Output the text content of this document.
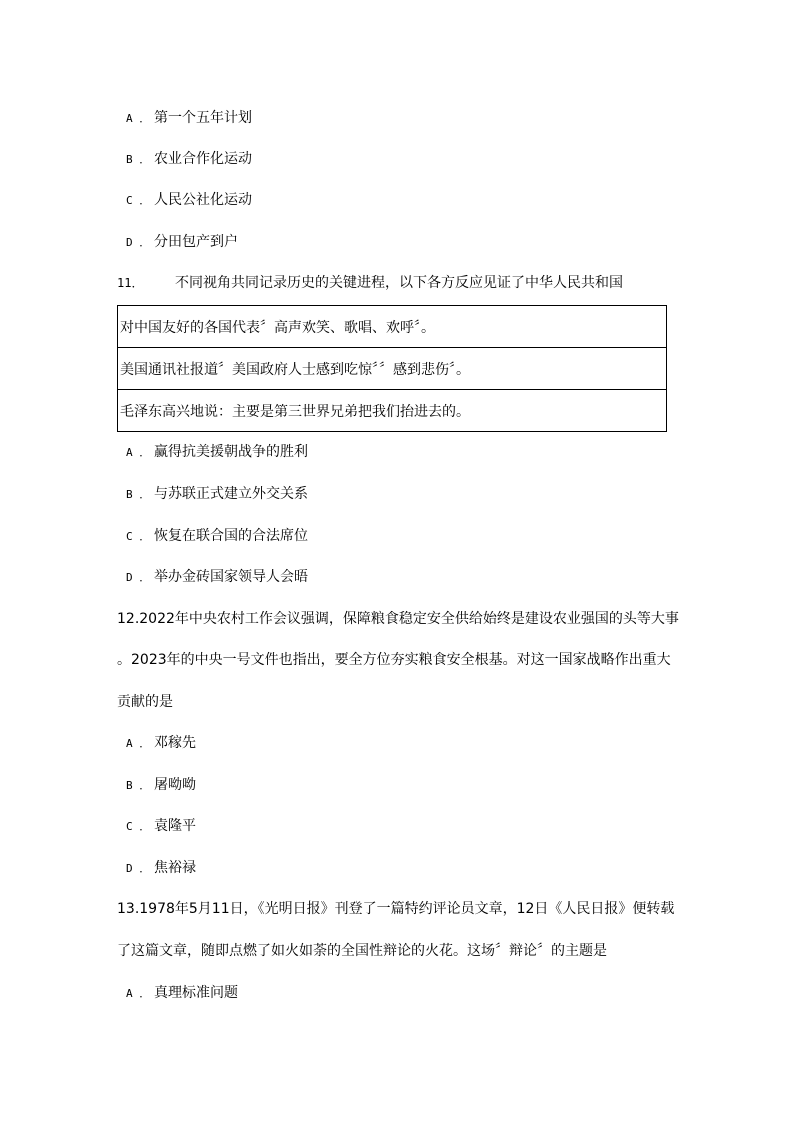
A ． 第一个五年计划
B ． 农业合作化运动
C ． 人民公社化运动
D ． 分田包产到户
11． 不同视角共同记录历史的关键进程，以下各方反应见证了中华人民共和国
对中国友好的各国代表〞高声欢笑、歌唱、欢呼〞。
美国通讯社报道〞美国政府人士感到吃惊〞〞感到悲伤〞。
毛泽东高兴地说：主要是第三世界兄弟把我们抬进去的。
A ． 赢得抗美援朝战争的胜利
B ． 与苏联正式建立外交关系
C ． 恢复在联合国的合法席位
D ． 举办金砖国家领导人会晤
12.2022年中央农村工作会议强调，保障粮食稳定安全供给始终是建设农业强国的头等大事
。2023年的中央一号文件也指出，要全方位夯实粮食安全根基。对这一国家战略作出重大
贡献的是
A ． 邓稼先
B ． 屠呦呦
C ． 袁隆平
D ． 焦裕禄
13.1978年5月11日，《光明日报》刊登了一篇特约评论员文章，12日《人民日报》便转载
了这篇文章，随即点燃了如火如荼的全国性辩论的火花。这场〞辩论〞的主题是
A ． 真理标准问题
